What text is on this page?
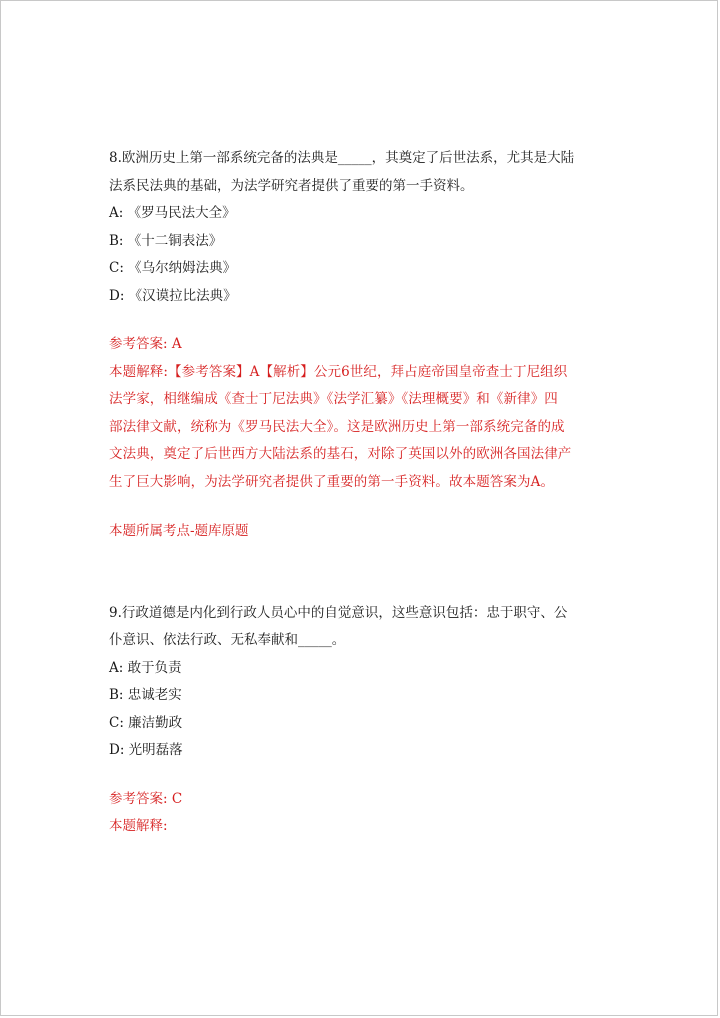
8.欧洲历史上第一部系统完备的法典是_____，其奠定了后世法系，尤其是大陆
法系民法典的基础，为法学研究者提供了重要的第一手资料。
A: 《罗马民法大全》
B: 《十二铜表法》
C: 《乌尔纳姆法典》
D: 《汉谟拉比法典》
参考答案: A
本题解释:【参考答案】A【解析】公元6世纪，拜占庭帝国皇帝查士丁尼组织
法学家，相继编成《查士丁尼法典》《法学汇纂》《法理概要》和《新律》四
部法律文献，统称为《罗马民法大全》。这是欧洲历史上第一部系统完备的成
文法典，奠定了后世西方大陆法系的基石，对除了英国以外的欧洲各国法律产
生了巨大影响，为法学研究者提供了重要的第一手资料。故本题答案为A。
本题所属考点-题库原题
9.行政道德是内化到行政人员心中的自觉意识，这些意识包括：忠于职守、公
仆意识、依法行政、无私奉献和_____。
A: 敢于负责
B: 忠诚老实
C: 廉洁勤政
D: 光明磊落
参考答案: C
本题解释:
